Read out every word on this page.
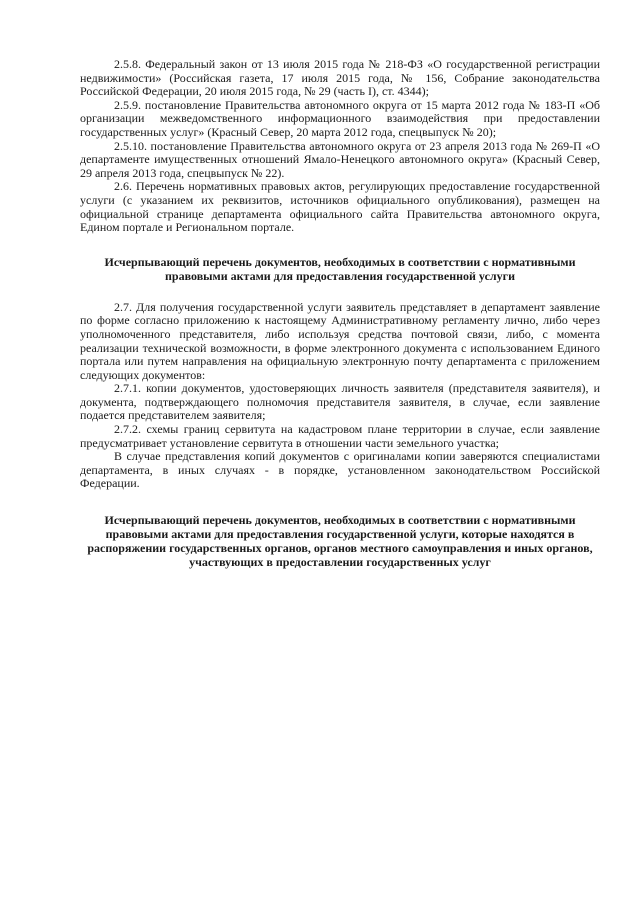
2.5.8. Федеральный закон от 13 июля 2015 года № 218-ФЗ «О государственной регистрации недвижимости» (Российская газета, 17 июля 2015 года, № 156, Собрание законодательства Российской Федерации, 20 июля 2015 года, № 29 (часть I), ст. 4344);

2.5.9. постановление Правительства автономного округа от 15 марта 2012 года № 183-П «Об организации межведомственного информационного взаимодействия при предоставлении государственных услуг» (Красный Север, 20 марта 2012 года, спецвыпуск № 20);

2.5.10. постановление Правительства автономного округа от 23 апреля 2013 года № 269-П «О департаменте имущественных отношений Ямало-Ненецкого автономного округа» (Красный Север, 29 апреля 2013 года, спецвыпуск № 22).

2.6. Перечень нормативных правовых актов, регулирующих предоставление государственной услуги (с указанием их реквизитов, источников официального опубликования), размещен на официальной странице департамента официального сайта Правительства автономного округа, Едином портале и Региональном портале.

Исчерпывающий перечень документов, необходимых в соответствии с нормативными правовыми актами для предоставления государственной услуги

2.7. Для получения государственной услуги заявитель представляет в департамент заявление по форме согласно приложению к настоящему Административному регламенту лично, либо через уполномоченного представителя, либо используя средства почтовой связи, либо, с момента реализации технической возможности, в форме электронного документа с использованием Единого портала или путем направления на официальную электронную почту департамента с приложением следующих документов:

2.7.1. копии документов, удостоверяющих личность заявителя (представителя заявителя), и документа, подтверждающего полномочия представителя заявителя, в случае, если заявление подается представителем заявителя;

2.7.2. схемы границ сервитута на кадастровом плане территории в случае, если заявление предусматривает установление сервитута в отношении части земельного участка;

В случае представления копий документов с оригиналами копии заверяются специалистами департамента, в иных случаях - в порядке, установленном законодательством Российской Федерации.

Исчерпывающий перечень документов, необходимых в соответствии с нормативными правовыми актами для предоставления государственной услуги, которые находятся в распоряжении государственных органов, органов местного самоуправления и иных органов, участвующих в предоставлении государственных услуг
